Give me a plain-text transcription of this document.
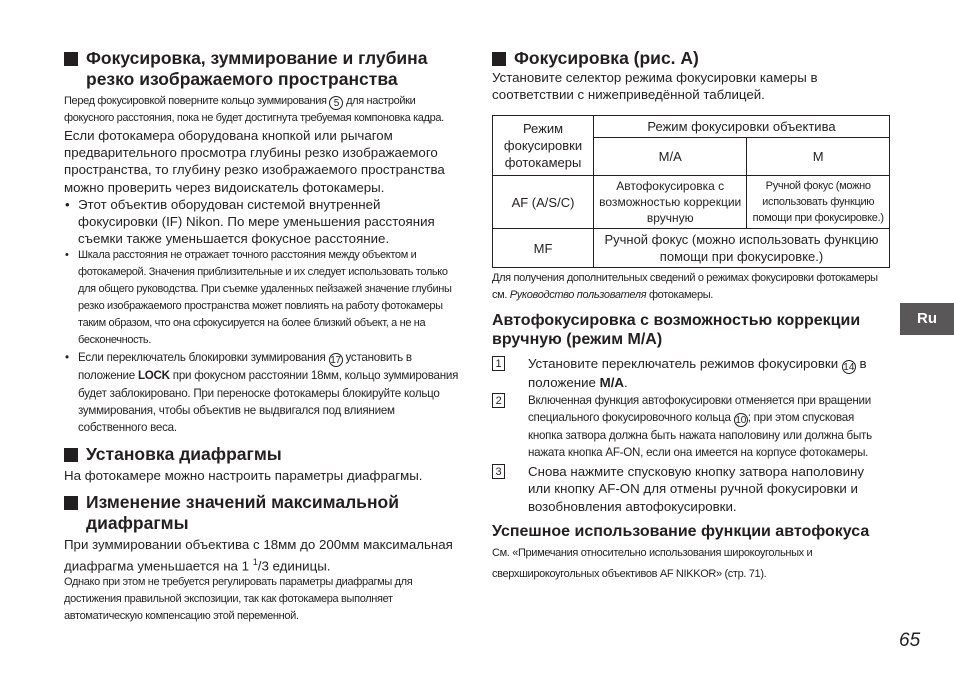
Фокусировка, зуммирование и глубина резко изображаемого пространства

Перед фокусировкой поверните кольцо зуммирования 5 для настройки фокусного расстояния, пока не будет достигнута требуемая компоновка кадра.

Если фотокамера оборудована кнопкой или рычагом предварительного просмотра глубины резко изображаемого пространства, то глубину резко изображаемого пространства можно проверить через видоискатель фотокамеры.

• Этот объектив оборудован системой внутренней фокусировки (IF) Nikon. По мере уменьшения расстояния съемки также уменьшается фокусное расстояние.
• Шкала расстояния не отражает точного расстояния между объектом и фотокамерой. Значения приблизительные и их следует использовать только для общего руководства. При съемке удаленных пейзажей значение глубины резко изображаемого пространства может повлиять на работу фотокамеры таким образом, что она сфокусируется на более близкий объект, а не на бесконечность.
• Если переключатель блокировки зуммирования 17 установить в положение LOCK при фокусном расстоянии 18мм, кольцо зуммирования будет заблокировано. При переноске фотокамеры блокируйте кольцо зуммирования, чтобы объектив не выдвигался под влиянием собственного веса.
Установка диафрагмы

На фотокамере можно настроить параметры диафрагмы.

Изменение значений максимальной диафрагмы

При зуммировании объектива с 18мм до 200мм максимальная диафрагма уменьшается на 1 $^1$/3 единицы.

Однако при этом не требуется регулировать параметры диафрагмы для достижения правильной экспозиции, так как фотокамера выполняет автоматическую компенсацию этой переменной.

Фокусировка (рис. A)

Установите селектор режима фокусировки камеры в соответствии с нижеприведённой таблицей.

Режим фокусировки фотокамеры	Режим фокусировки объектива	
	M/A	M
AF (A/S/C)	Автофокусировка с возможностью коррекции вручную	Ручной фокус (можно использовать функцию помощи при фокусировке.)
MF	Ручной фокус (можно использовать функцию помощи при фокусировке.)	

Для получения дополнительных сведений о режимах фокусировки фотокамеры см. Руководство пользователя фотокамеры.

Автофокусировка с возможностью коррекции вручную (режим M/A)
1 Установите переключатель режимов фокусировки 14 в положение M/A.
2	Включенная функция автофокусировки отменяется при вращении специального фокусировочного кольца 10 ; при этом спусковая кнопка затвора должна быть нажата наполовину или должна быть нажата кнопка AF-ON, если она имеется на корпусе фотокамеры.
3 Снова нажмите спусковую кнопку затвора наполовину или кнопку AF-ON для отмены ручной фокусировки и возобновления автофокусировки.
Успешное использование функции автофокуса

См. «Примечания относительно использования широкоугольных и сверхширокоугольных объективов AF NIKKOR» (стр. 71).

Ru
65
